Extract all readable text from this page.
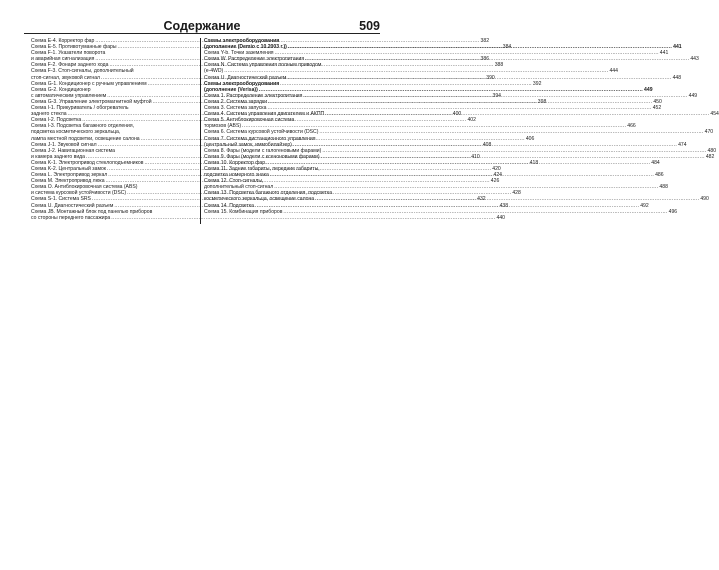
Содержание	509
Схема E-4. Корректор фар .....	382
Схема E-5. Противотуманные фары .....	384
Схема F-1. Указатели поворота
и аварийная сигнализация .....	386
Схема F-2. Фонари заднего хода .....	388
Схема F-3. Стоп-сигналы, дополнительный
стоп-сигнал, звуковой сигнал .....	390
Схема G-1. Кондиционер с ручным управлением .....	392
Схема G-2. Кондиционер
с автоматическим управлением .....	394
Схема G-3. Управление электромагнитной муфтой .....	398
Схема I-1. Прикуриватель / обогреватель
заднего стекла .....	400
Схема I-2. Подсветка .....	402
Схема I-3. Подсветка багажного отделения,
подсветка косметического зеркальца,
лампа местной подсветки, освещение салона .....	406
Схема J-1. Звуковой сигнал .....	408
Схема J-2. Навигационная система
и камера заднего вида .....	410
Схема K-1. Электропривод стеклоподъемников .....	418
Схема K-2. Центральный замок .....	420
Схема L. Электропривод зеркал .....	424
Схема M. Электропривод люка .....	426
Схема O. Антиблокировочная система (ABS)
и система курсовой устойчивости (DSC) .....	428
Схема S-1. Система SRS .....	432
Схема U. Диагностический разъем .....	438
Схема JB. Монтажный блок под панелью приборов
со стороны переднего пассажира .....	440
Схемы электрооборудования
(дополнение (Demio c 10.2003 г.)) .....	441
Схема Y-b. Точки заземления .....	441
Схема W. Распределение электропитания .....	443
Схема N. Система управления полным приводом
(e-4WD) .....	444
Схема U. Диагностический разъем .....	448
Схемы электрооборудования
(дополнение (Verisa)) .....	449
Схема 1. Распределение электропитания .....	449
Схема 2. Система зарядки .....	450
Схема 3. Система запуска .....	452
Схема 4. Система управления двигателем и АКПП .....	454
Схема 5. Антиблокировочная система
тормозов (ABS) .....	466
Схема 6. Система курсовой устойчивости (DSC) .....	470
Схема 7. Система дистанционного управления
(центральный замок, иммобилайзер) .....	474
Схема 8. Фары (модели с галогеновыми фарами) .....	480
Схема 9. Фары (модели с ксеноновыми фарами) .....	482
Схема 10. Корректор фар .....	484
Схема 11. Задние габариты, передние габариты,
подсветка номерного знака .....	486
Схема 12. Стоп-сигналы,
дополнительный стоп-сигнал .....	488
Схема 13. Подсветка багажного отделения, подсветка
косметического зеркальца, освещение салона .....	490
Схема 14. Подсветка .....	492
Схема 15. Комбинация приборов .....	496
